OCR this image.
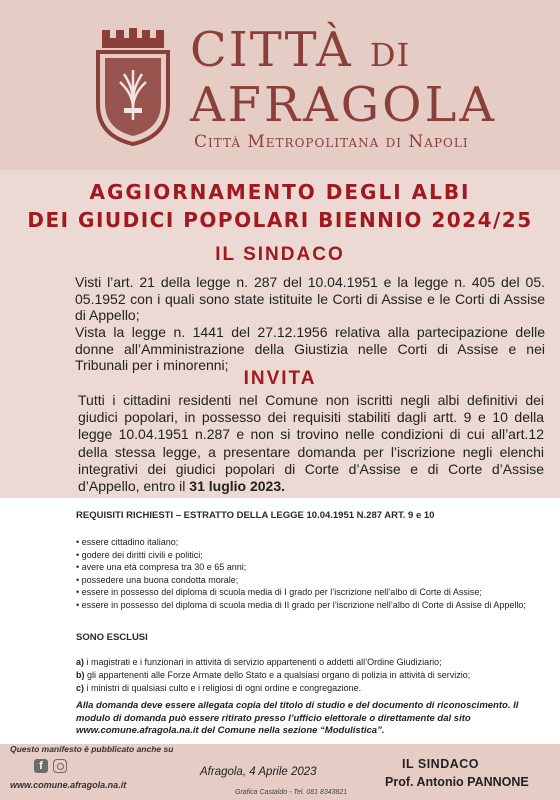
CITTÀ DI
AFRAGOLA
Città Metropolitana di Napoli
AGGIORNAMENTO DEGLI ALBI
DEI GIUDICI POPOLARI BIENNIO 2024/25
IL SINDACO
Visti l’art. 21 della legge n. 287 del 10.04.1951 e la legge n. 405 del 05. 05.1952 con i quali sono state istituite le Corti di Assise e le Corti di Assise di Appello;
Vista la legge n. 1441 del 27.12.1956 relativa alla partecipazione delle donne all’Amministrazione della Giustizia nelle Corti di Assise e nei Tribunali per i minorenni;
INVITA
Tutti i cittadini residenti nel Comune non iscritti negli albi definitivi dei giudici popolari, in possesso dei requisiti stabiliti dagli artt. 9 e 10 della legge 10.04.1951 n.287 e non si trovino nelle condizioni di cui all’art.12 della stessa legge, a presentare domanda per l’iscrizione negli elenchi integrativi dei giudici popolari di Corte d’Assise e di Corte d’Assise d’Appello, entro il 31 luglio 2023.
REQUISITI RICHIESTI – ESTRATTO DELLA LEGGE 10.04.1951 N.287 ART. 9 e 10
• essere cittadino italiano;
• godere dei diritti civili e politici;
• avere una età compresa tra 30 e 65 anni;
• possedere una buona condotta morale;
• essere in possesso del diploma di scuola media di I grado per l’iscrizione nell’albo di Corte di Assise;
• essere in possesso del diploma di scuola media di II grado per l’iscrizione nell’albo di Corte di Assise di Appello;
SONO ESCLUSI
a) i magistrati e i funzionari in attività di servizio appartenenti o addetti all’Ordine Giudiziario;
b) gli appartenenti alle Forze Armate dello Stato e a qualsiasi organo di polizia in attività di servizio;
c) i ministri di qualsiasi culto e i religiosi di ogni ordine e congregazione.
Alla domanda deve essere allegata copia del titolo di studio e del documento di riconoscimento. Il modulo di domanda può essere ritirato presso l’ufficio elettorale o direttamente dal sito www.comune.afragola.na.it del Comune nella sezione “Modulistica”.
Questo manifesto è pubblicato anche su
f
www.comune.afragola.na.it
Afragola, 4 Aprile 2023
IL SINDACO
Prof. Antonio PANNONE
Grafica Castaldo - Tel. 081 8343821
